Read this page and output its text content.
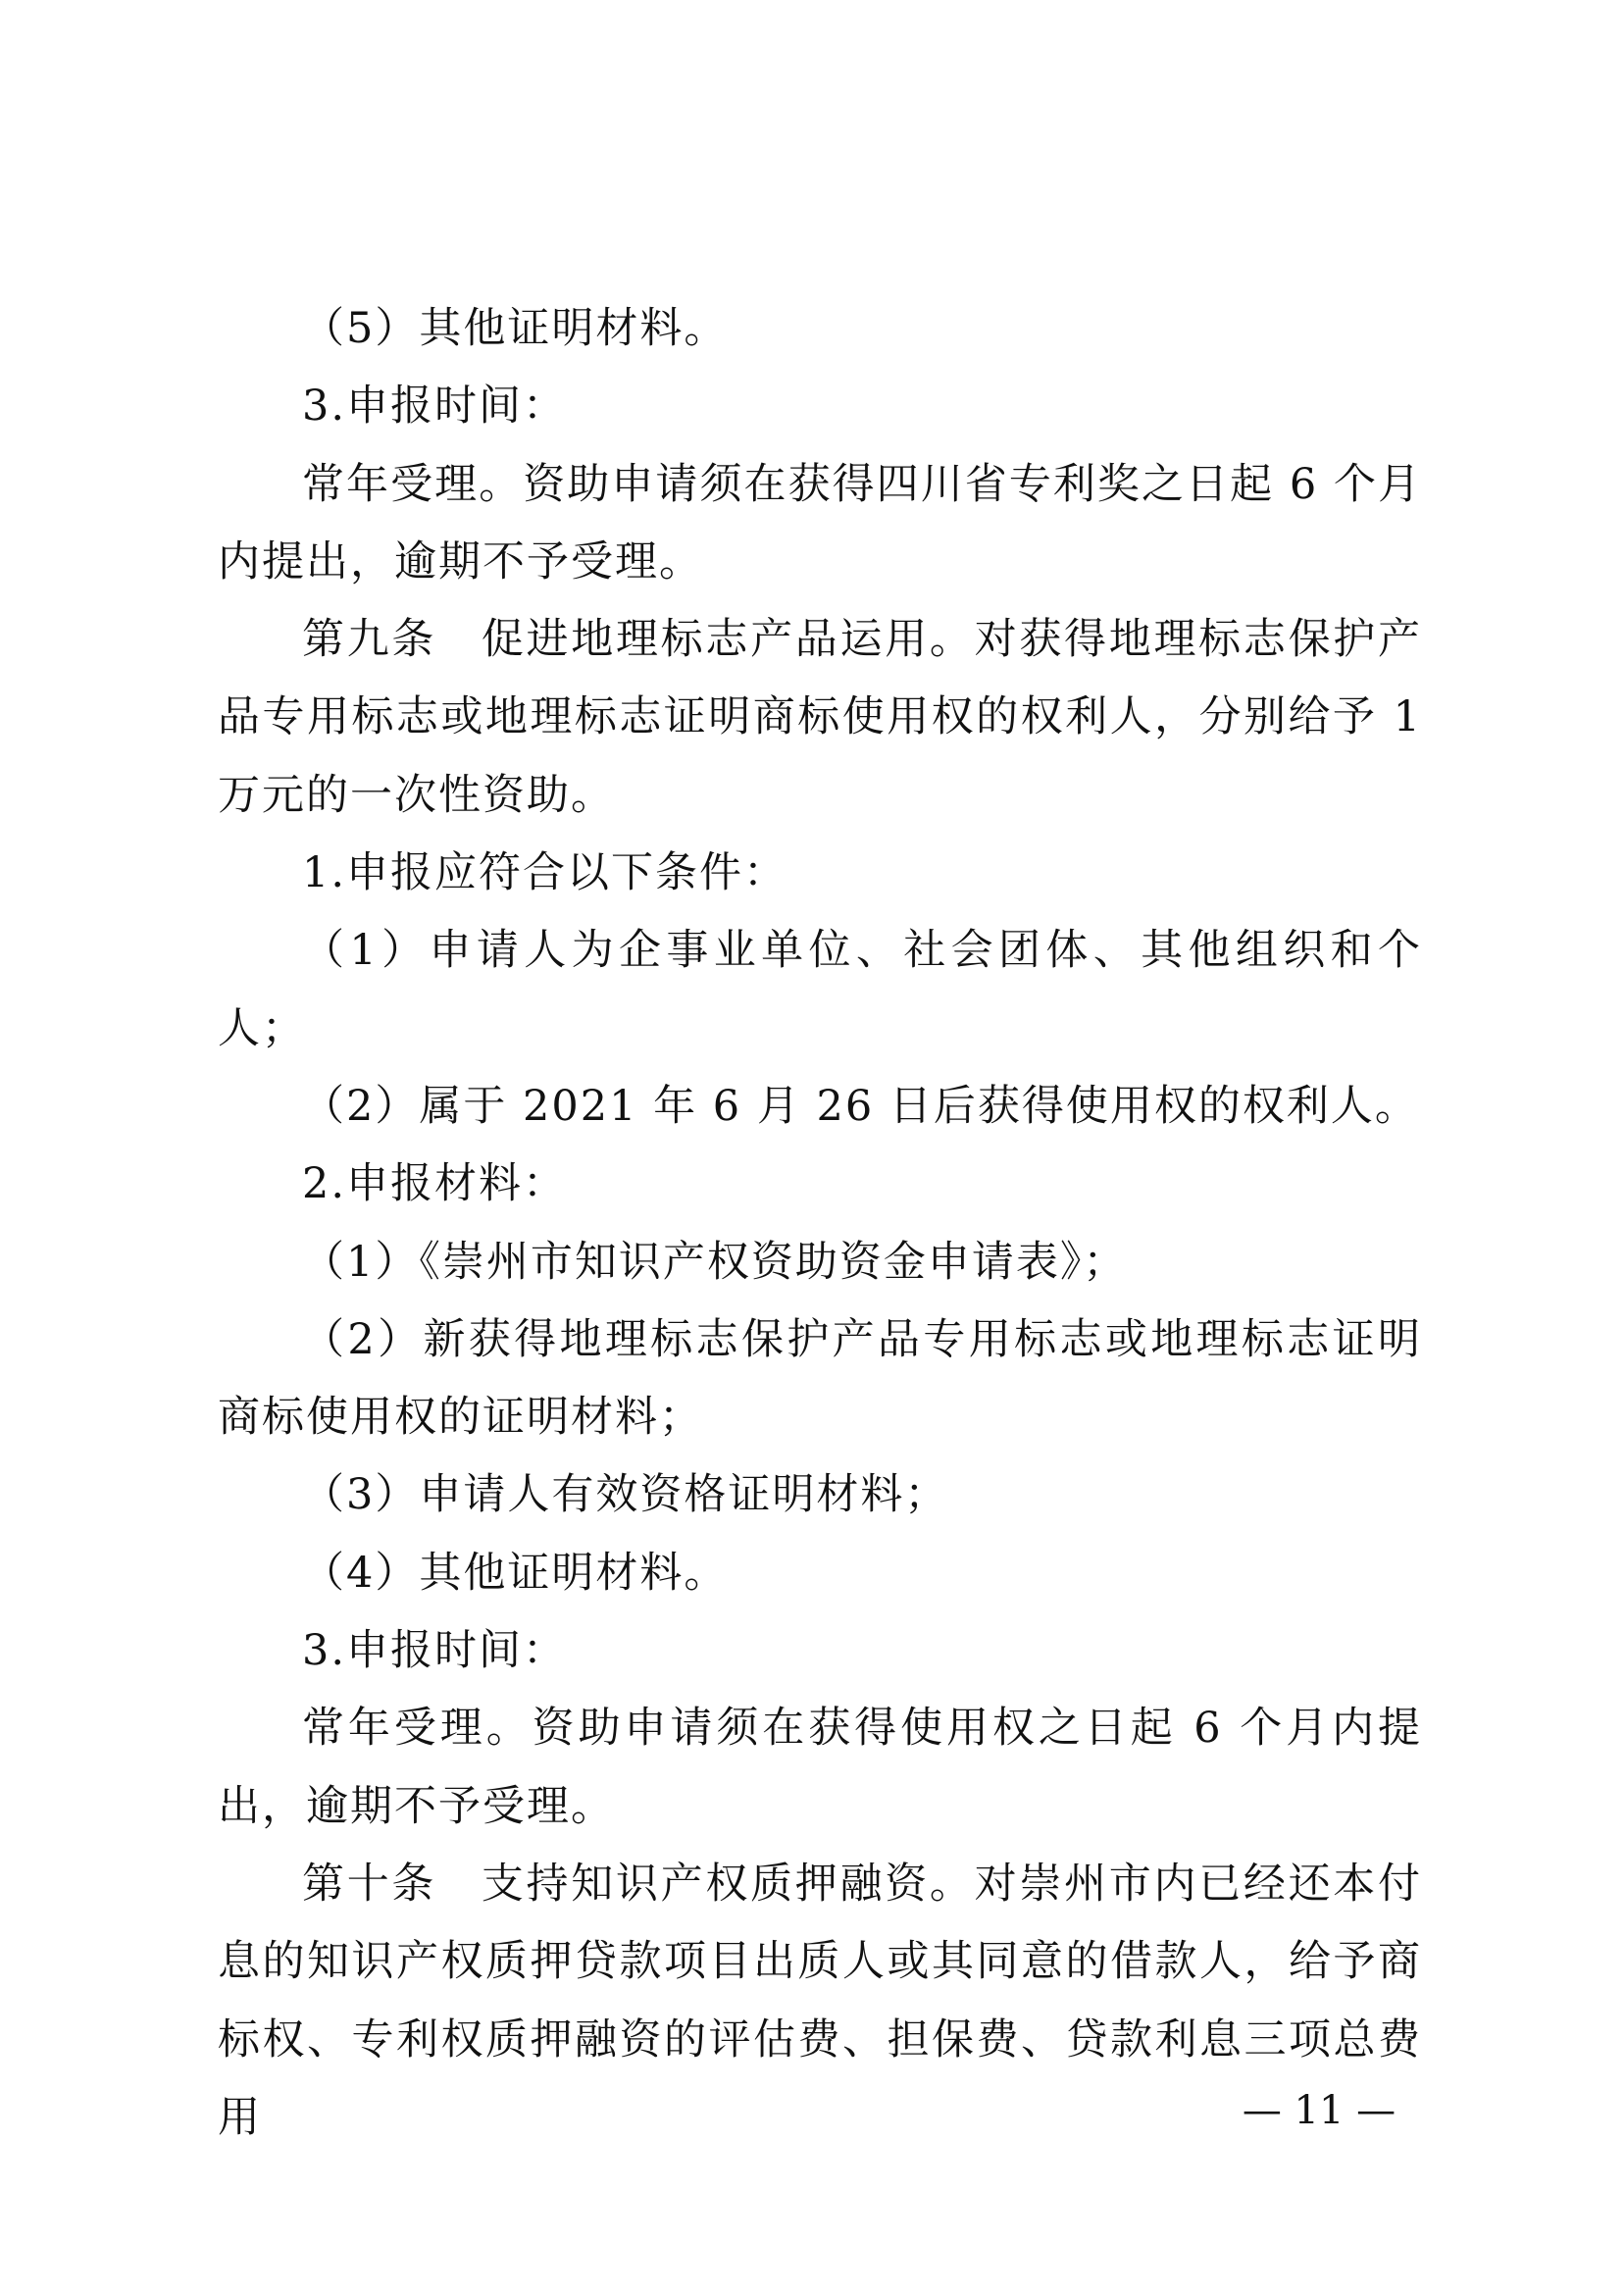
（5）其他证明材料。

3.申报时间：

常年受理。资助申请须在获得四川省专利奖之日起 6 个月内提出，逾期不予受理。

第九条　促进地理标志产品运用。对获得地理标志保护产品专用标志或地理标志证明商标使用权的权利人，分别给予 1 万元的一次性资助。

1.申报应符合以下条件：

（1）申请人为企事业单位、社会团体、其他组织和个人；

（2）属于 2021 年 6 月 26 日后获得使用权的权利人。

2.申报材料：

（1）《崇州市知识产权资助资金申请表》；

（2）新获得地理标志保护产品专用标志或地理标志证明商标使用权的证明材料；

（3）申请人有效资格证明材料；

（4）其他证明材料。

3.申报时间：

常年受理。资助申请须在获得使用权之日起 6 个月内提出，逾期不予受理。

第十条　支持知识产权质押融资。对崇州市内已经还本付息的知识产权质押贷款项目出质人或其同意的借款人，给予商标权、专利权质押融资的评估费、担保费、贷款利息三项总费用	— 11 —
